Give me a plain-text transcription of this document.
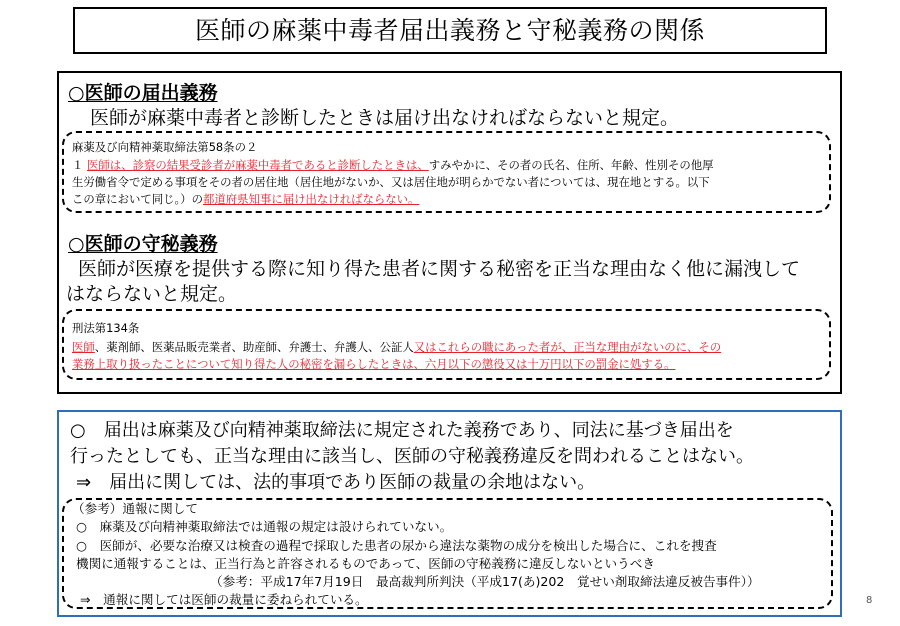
医師の麻薬中毒者届出義務と守秘義務の関係
○医師の届出義務
医師が麻薬中毒者と診断したときは届け出なければならないと規定。
麻薬及び向精神薬取締法第58条の２
１ 医師は、診察の結果受診者が麻薬中毒者であると診断したときは、すみやかに、その者の氏名、住所、年齢、性別その他厚
生労働省令で定める事項をその者の居住地（居住地がないか、又は居住地が明らかでない者については、現在地とする。以下
この章において同じ。）の都道府県知事に届け出なければならない。
○医師の守秘義務
医師が医療を提供する際に知り得た患者に関する秘密を正当な理由なく他に漏洩して
はならないと規定。
刑法第134条
医師、薬剤師、医薬品販売業者、助産師、弁護士、弁護人、公証人又はこれらの職にあった者が、正当な理由がないのに、その
業務上取り扱ったことについて知り得た人の秘密を漏らしたときは、六月以下の懲役又は十万円以下の罰金に処する。
○　届出は麻薬及び向精神薬取締法に規定された義務であり、同法に基づき届出を
行ったとしても、正当な理由に該当し、医師の守秘義務違反を問われることはない。
⇒　届出に関しては、法的事項であり医師の裁量の余地はない。
（参考）通報に関して
○　麻薬及び向精神薬取締法では通報の規定は設けられていない。
○　医師が、必要な治療又は検査の過程で採取した患者の尿から違法な薬物の成分を検出した場合に、これを捜査
機関に通報することは、正当行為と許容されるものであって、医師の守秘義務に違反しないというべき
（参考：平成17年7月19日　最高裁判所判決（平成17(あ)202　覚せい剤取締法違反被告事件））
⇒　通報に関しては医師の裁量に委ねられている。	8
